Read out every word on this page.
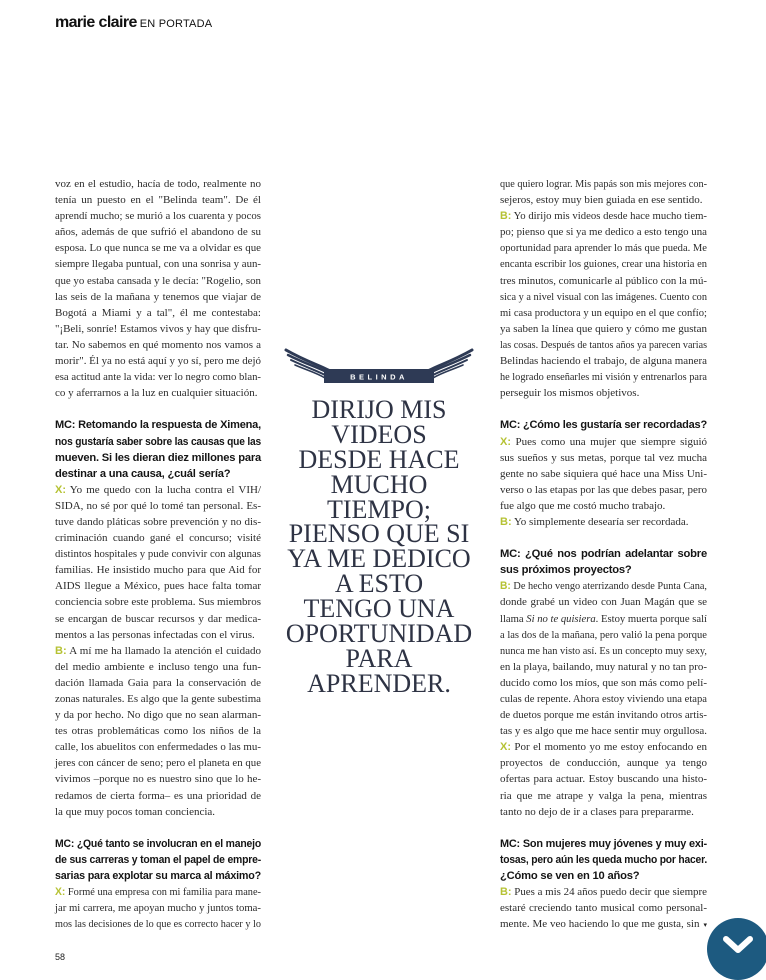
marie claire EN PORTADA
voz en el estudio, hacía de todo, realmente no
tenía un puesto en el "Belinda team". De él
aprendí mucho; se murió a los cuarenta y pocos
años, además de que sufrió el abandono de su
esposa. Lo que nunca se me va a olvidar es que
siempre llegaba puntual, con una sonrisa y aun-
que yo estaba cansada y le decía: "Rogelio, son
las seis de la mañana y tenemos que viajar de
Bogotá a Miami y a tal", él me contestaba:
"¡Beli, sonríe! Estamos vivos y hay que disfru-
tar. No sabemos en qué momento nos vamos a
morir". Él ya no está aquí y yo sí, pero me dejó
esa actitud ante la vida: ver lo negro como blan-
co y aferrarnos a la luz en cualquier situación.
MC: Retomando la respuesta de Ximena,
nos gustaría saber sobre las causas que las
mueven. Si les dieran diez millones para
destinar a una causa, ¿cuál sería?
X: Yo me quedo con la lucha contra el VIH/
SIDA, no sé por qué lo tomé tan personal. Es-
tuve dando pláticas sobre prevención y no dis-
criminación cuando gané el concurso; visité
distintos hospitales y pude convivir con algunas
familias. He insistido mucho para que Aid for
AIDS llegue a México, pues hace falta tomar
conciencia sobre este problema. Sus miembros
se encargan de buscar recursos y dar medica-
mentos a las personas infectadas con el virus.
B: A mí me ha llamado la atención el cuidado
del medio ambiente e incluso tengo una fun-
dación llamada Gaia para la conservación de
zonas naturales. Es algo que la gente subestima
y da por hecho. No digo que no sean alarman-
tes otras problemáticas como los niños de la
calle, los abuelitos con enfermedades o las mu-
jeres con cáncer de seno; pero el planeta en que
vivimos –porque no es nuestro sino que lo he-
redamos de cierta forma– es una prioridad de
la que muy pocos toman conciencia.
MC: ¿Qué tanto se involucran en el manejo
de sus carreras y toman el papel de empre-
sarias para explotar su marca al máximo?
X: Formé una empresa con mi familia para mane-
jar mi carrera, me apoyan mucho y juntos toma-
mos las decisiones de lo que es correcto hacer y lo
que quiero lograr. Mis papás son mis mejores con-
sejeros, estoy muy bien guiada en ese sentido.
B: Yo dirijo mis videos desde hace mucho tiem-
po; pienso que si ya me dedico a esto tengo una
oportunidad para aprender lo más que pueda. Me
encanta escribir los guiones, crear una historia en
tres minutos, comunicarle al público con la mú-
sica y a nivel visual con las imágenes. Cuento con
mi casa productora y un equipo en el que confío;
ya saben la línea que quiero y cómo me gustan
las cosas. Después de tantos años ya parecen varias
Belindas haciendo el trabajo, de alguna manera
he logrado enseñarles mi visión y entrenarlos para
perseguir los mismos objetivos.
MC: ¿Cómo les gustaría ser recordadas?
X: Pues como una mujer que siempre siguió
sus sueños y sus metas, porque tal vez mucha
gente no sabe siquiera qué hace una Miss Uni-
verso o las etapas por las que debes pasar, pero
fue algo que me costó mucho trabajo.
B: Yo simplemente desearía ser recordada.
MC: ¿Qué nos podrían adelantar sobre
sus próximos proyectos?
B: De hecho vengo aterrizando desde Punta Cana,
donde grabé un video con Juan Magán que se
llama Si no te quisiera. Estoy muerta porque salí
a las dos de la mañana, pero valió la pena porque
nunca me han visto así. Es un concepto muy sexy,
en la playa, bailando, muy natural y no tan pro-
ducido como los míos, que son más como pelí-
culas de repente. Ahora estoy viviendo una etapa
de duetos porque me están invitando otros artis-
tas y es algo que me hace sentir muy orgullosa.
X: Por el momento yo me estoy enfocando en
proyectos de conducción, aunque ya tengo
ofertas para actuar. Estoy buscando una histo-
ria que me atrape y valga la pena, mientras
tanto no dejo de ir a clases para prepararme.
MC: Son mujeres muy jóvenes y muy exi-
tosas, pero aún les queda mucho por hacer.
¿Cómo se ven en 10 años?
B: Pues a mis 24 años puedo decir que siempre
estaré creciendo tanto musical como personal-
mente. Me veo haciendo lo que me gusta, sin ▾
BELINDA
DIRIJO MIS
VIDEOS
DESDE HACE
MUCHO
TIEMPO;
PIENSO QUE SI
YA ME DEDICO
A ESTO
TENGO UNA
OPORTUNIDAD
PARA
APRENDER.
58
